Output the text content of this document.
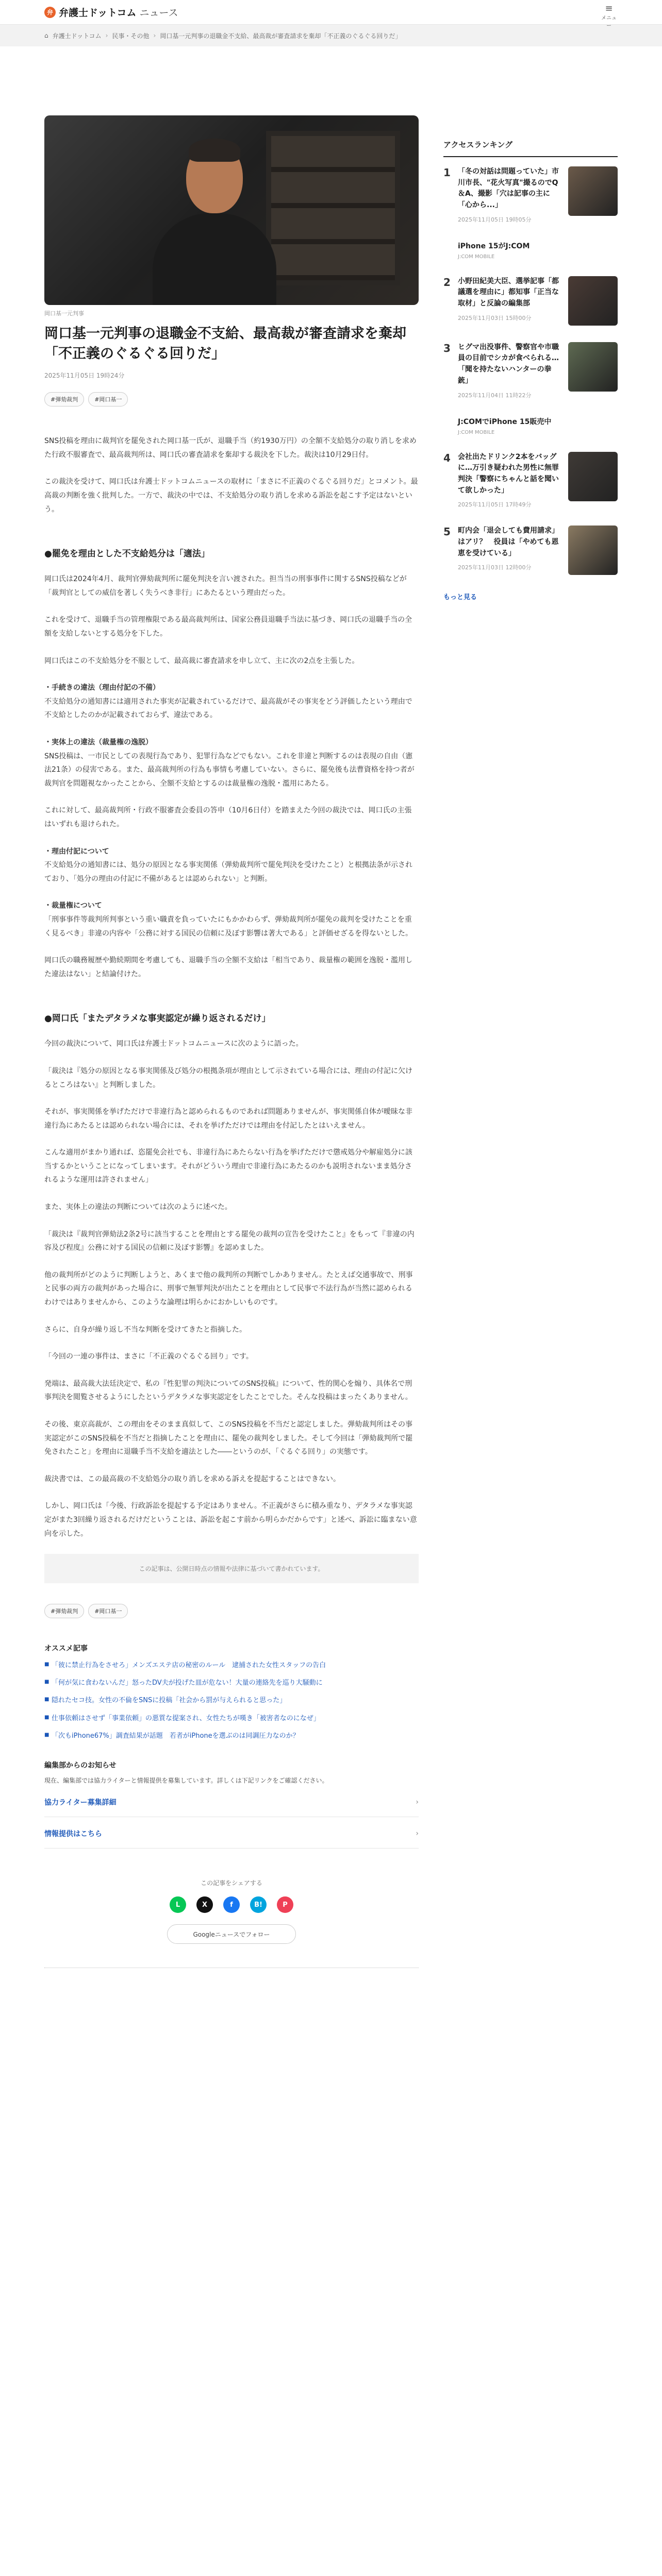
弁 弁護士ドットコム ニュース	≡
メニュー
⌂ 弁護士ドットコム › 民事・その他 › 岡口基一元判事の退職金不支給、最高裁が審査請求を棄却「不正義のぐるぐる回りだ」
岡口基一元判事
岡口基一元判事の退職金不支給、最高裁が審査請求を棄却「不正義のぐるぐる回りだ」
2025年11月05日 19時24分
#弾劾裁判	#岡口基一

SNS投稿を理由に裁判官を罷免された岡口基一氏が、退職手当（約1930万円）の全額不支給処分の取り消しを求めた行政不服審査で、最高裁判所は、岡口氏の審査請求を棄却する裁決を下した。裁決は10月29日付。

この裁決を受けて、岡口氏は弁護士ドットコムニュースの取材に「まさに不正義のぐるぐる回りだ」とコメント。最高裁の判断を強く批判した。一方で、裁決の中では、不支給処分の取り消しを求める訴訟を起こす予定はないという。

●罷免を理由とした不支給処分は「適法」

岡口氏は2024年4月、裁判官弾劾裁判所に罷免判決を言い渡された。担当当の刑事事件に関するSNS投稿などが「裁判官としての威信を著しく失うべき非行」にあたるという理由だった。

これを受けて、退職手当の管理権限である最高裁判所は、国家公務員退職手当法に基づき、岡口氏の退職手当の全額を支給しないとする処分を下した。

岡口氏はこの不支給処分を不服として、最高裁に審査請求を申し立て、主に次の2点を主張した。

・手続きの違法（理由付記の不備）

不支給処分の通知書には適用された事実が記載されているだけで、最高裁がその事実をどう評価したという理由で不支給としたのかが記載されておらず、違法である。

・実体上の違法（裁量権の逸脱）

SNS投稿は、一市民としての表現行為であり、犯罪行為などでもない。これを非違と判断するのは表現の自由（憲法21条）の侵害である。また、最高裁判所の行為も事情も考慮していない。さらに、罷免後も法曹資格を持つ者が裁判官を問題視なかったことから、全額不支給とするのは裁量権の逸脱・濫用にあたる。

これに対して、最高裁判所・行政不服審査会委員の答申（10月6日付）を踏まえた今回の裁決では、岡口氏の主張はいずれも退けられた。

・理由付記について

不支給処分の通知書には、処分の原因となる事実関係（弾劾裁判所で罷免判決を受けたこと）と根拠法条が示されており、「処分の理由の付記に不備があるとは認められない」と判断。

・裁量権について

「刑事事件等裁判所判事という重い職責を負っていたにもかかわらず、弾劾裁判所が罷免の裁判を受けたことを重く見るべき」非違の内容や「公務に対する国民の信頼に及ぼす影響は著大である」と評価せざるを得ないとした。

岡口氏の職務履歴や勤続期間を考慮しても、退職手当の全額不支給は「相当であり、裁量権の範囲を逸脱・濫用した違法はない」と結論付けた。

●岡口氏「またデタラメな事実認定が繰り返されるだけ」

今回の裁決について、岡口氏は弁護士ドットコムニュースに次のように語った。

「裁決は『処分の原因となる事実関係及び処分の根拠条項が理由として示されている場合には、理由の付記に欠けるところはない』と判断しました。

それが、事実関係を挙げただけで非違行為と認められるものであれば問題ありませんが、事実関係自体が曖昧な非違行為にあたるとは認められない場合には、それを挙げただけでは理由を付記したとはいえません。

こんな適用がまかり通れば、恣罷免会社でも、非違行為にあたらない行為を挙げただけで懲戒処分や解雇処分に該当するかということになってしまいます。それがどういう理由で非違行為にあたるのかも説明されないまま処分されるような運用は許されません」

また、実体上の違法の判断については次のように述べた。

「裁決は『裁判官弾劾法2条2号に該当することを理由とする罷免の裁判の宣告を受けたこと』をもって『非違の内容及び程度』公務に対する国民の信頼に及ぼす影響』を認めました。

他の裁判所がどのように判断しようと、あくまで他の裁判所の判断でしかありません。たとえば交通事故で、刑事と民事の両方の裁判があった場合に、刑事で無罪判決が出たことを理由として民事で不法行為が当然に認められるわけではありませんから、このような論理は明らかにおかしいものです。

さらに、自身が繰り返し不当な判断を受けてきたと指摘した。

「今回の一連の事件は、まさに「不正義のぐるぐる回り」です。

発端は、最高裁大法廷決定で、私の『性犯罪の判決についてのSNS投稿』について、性的関心を煽り、具体名で刑事判決を閲覧させるようにしたというデタラメな事実認定をしたことでした。そんな投稿はまったくありません。

その後、東京高裁が、この理由をそのまま真似して、このSNS投稿を不当だと認定しました。弾劾裁判所はその事実認定がこのSNS投稿を不当だと指摘したことを理由に、罷免の裁判をしました。そして今回は「弾劾裁判所で罷免されたこと」を理由に退職手当不支給を適法とした――というのが、「ぐるぐる回り」の実態です。

裁決書では、この最高裁の不支給処分の取り消しを求める訴えを提起することはできない。

しかし、岡口氏は「今後、行政訴訟を提起する予定はありません。不正義がさらに積み重なり、デタラメな事実認定がまた3回繰り返されるだけだということは、訴訟を起こす前から明らかだからです」と述べ、訴訟に臨まない意向を示した。

この記事は、公開日時点の情報や法律に基づいて書かれています。
#弾劾裁判	#岡口基一
オススメ記事
■ 「彼に禁止行為をさせろ」メンズエステ店の秘密のルール　逮捕された女性スタッフの告白
■ 「何が気に食わないんだ」怒ったDV夫が投げた皿が危ない！大量の連絡先を巡り大騒動に
■ 隠れたセコ技。女性の不倫をSNSに投稿「社会から罰が与えられると思った」
■ 仕事依頼はさせず「事業依頼」の悪質な提案され、女性たちが嘆き「被害者なのになぜ」
■ 「次もiPhone67%」調査結果が話題　若者がiPhoneを選ぶのは同調圧力なのか？
編集部からのお知らせ

現在、編集部では協力ライターと情報提供を募集しています。詳しくは下記リンクをご確認ください。

協力ライター募集詳細	›
情報提供はこちら	›
この記事をシェアする
L	X	f	B!	P
Googleニュースでフォロー
アクセスランキング
1 「冬の対話は問題っていた」市川市長、"花火写真"撮るのでQ＆A、撮影「穴は記事の主に「心から...」
2025年11月05日 19時05分
iPhone 15がJ:COM
J:COM MOBILE
2 小野田紀美大臣、選挙記事「都議選を理由に」都知事「正当な取材」と反論の編集部
2025年11月03日 15時00分
3 ヒグマ出没事件、警察官や市職員の目前でシカが食べられる…「聞を持たないハンターの拳銃」
2025年11月04日 11時22分
J:COMでiPhone 15販売中
J:COM MOBILE
4 会社出たドリンク2本をバッグに…万引き疑われた男性に無罪判決「警察にちゃんと話を聞いて欲しかった」
2025年11月05日 17時49分
5 町内会「退会しても費用請求」はアリ？　役員は「やめても恩恵を受けている」
2025年11月03日 12時00分
もっと見る
